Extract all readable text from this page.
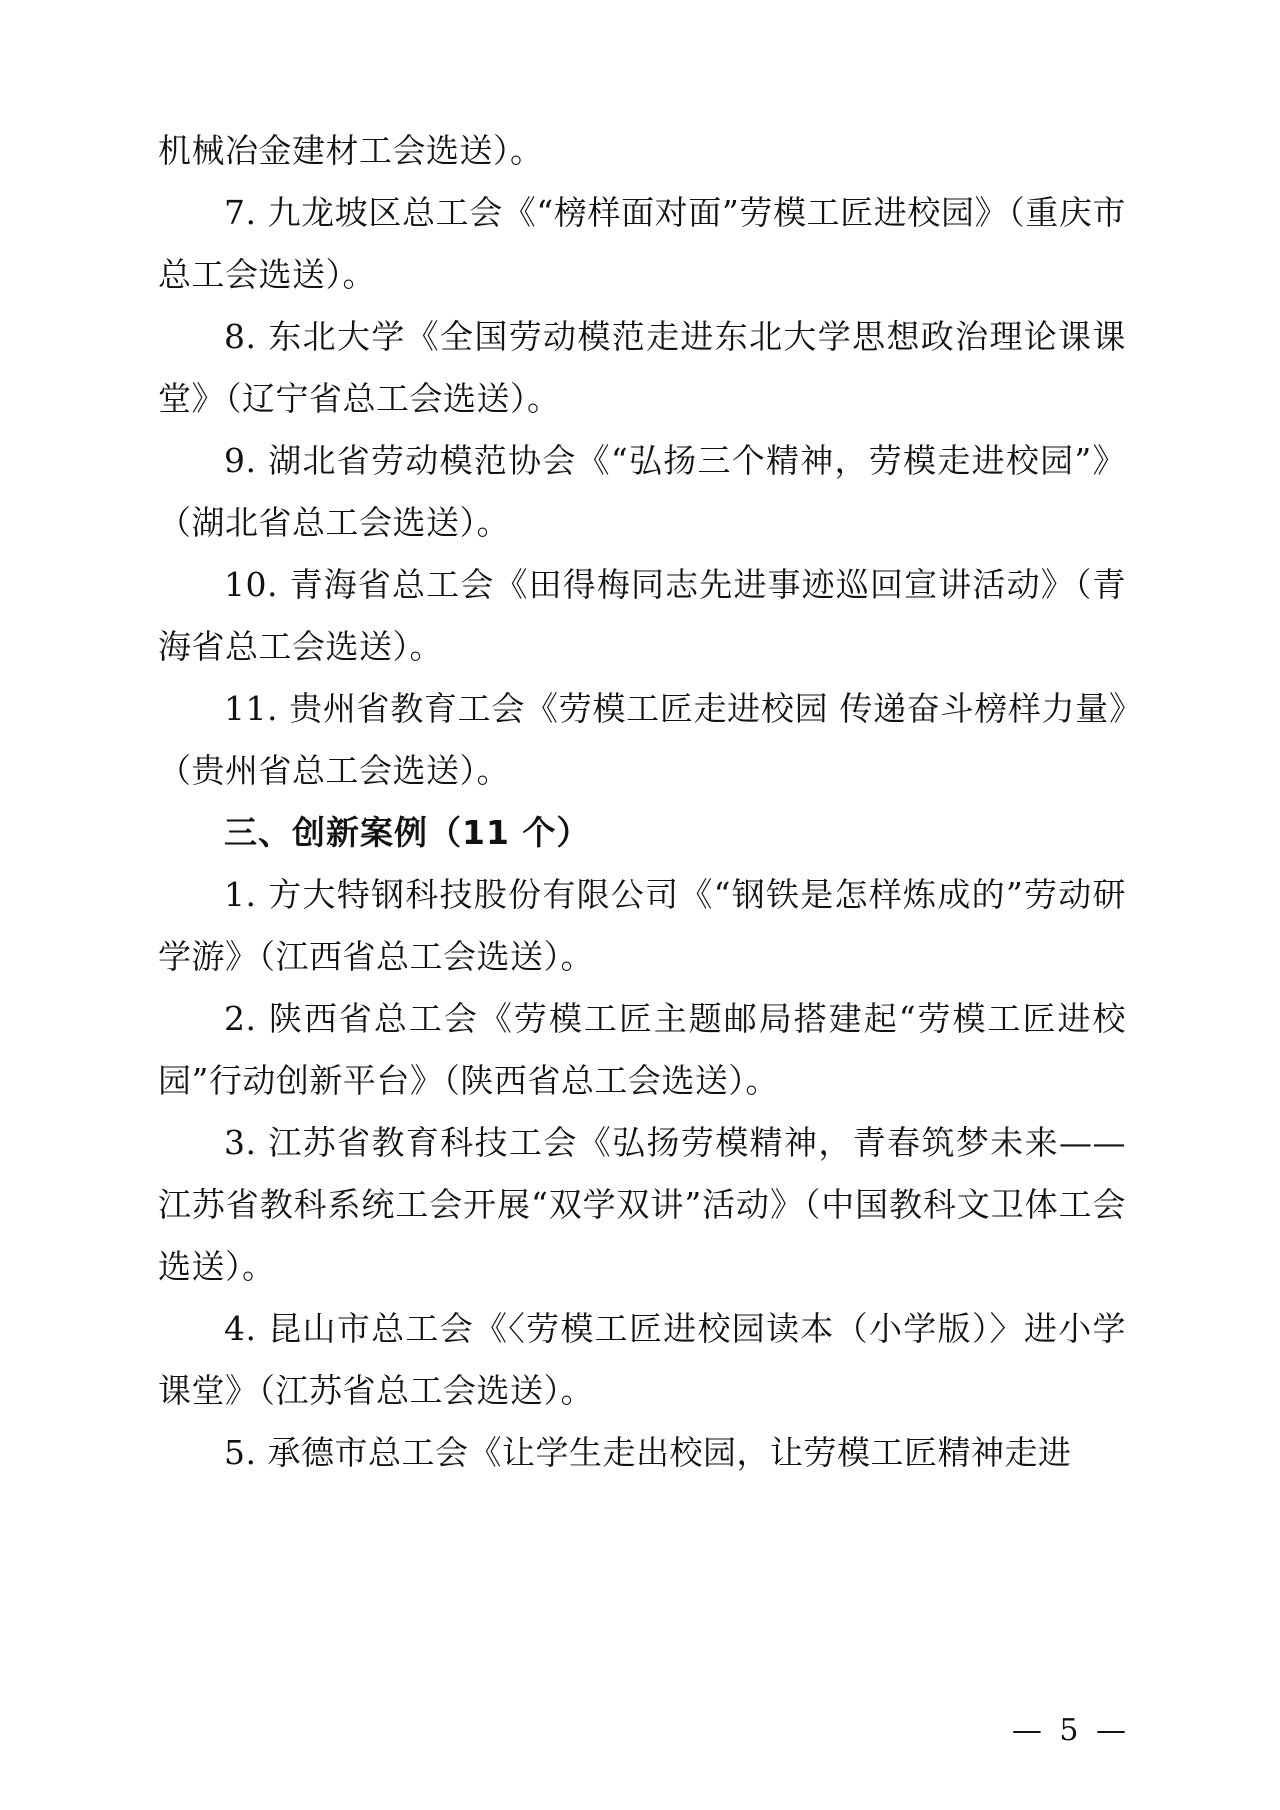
机械冶金建材工会选送）。

7. 九龙坡区总工会《“榜样面对面”劳模工匠进校园》（重庆市总工会选送）。

8. 东北大学《全国劳动模范走进东北大学思想政治理论课课堂》（辽宁省总工会选送）。

9. 湖北省劳动模范协会《“弘扬三个精神，劳模走进校园”》（湖北省总工会选送）。

10. 青海省总工会《田得梅同志先进事迹巡回宣讲活动》（青海省总工会选送）。

11. 贵州省教育工会《劳模工匠走进校园 传递奋斗榜样力量》（贵州省总工会选送）。

三、创新案例（11 个）

1. 方大特钢科技股份有限公司《“钢铁是怎样炼成的”劳动研学游》（江西省总工会选送）。

2. 陕西省总工会《劳模工匠主题邮局搭建起“劳模工匠进校园”行动创新平台》（陕西省总工会选送）。

3. 江苏省教育科技工会《弘扬劳模精神，青春筑梦未来——江苏省教科系统工会开展“双学双讲”活动》（中国教科文卫体工会选送）。

4. 昆山市总工会《〈劳模工匠进校园读本（小学版）〉进小学课堂》（江苏省总工会选送）。

5. 承德市总工会《让学生走出校园，让劳模工匠精神走进

— 5 —
